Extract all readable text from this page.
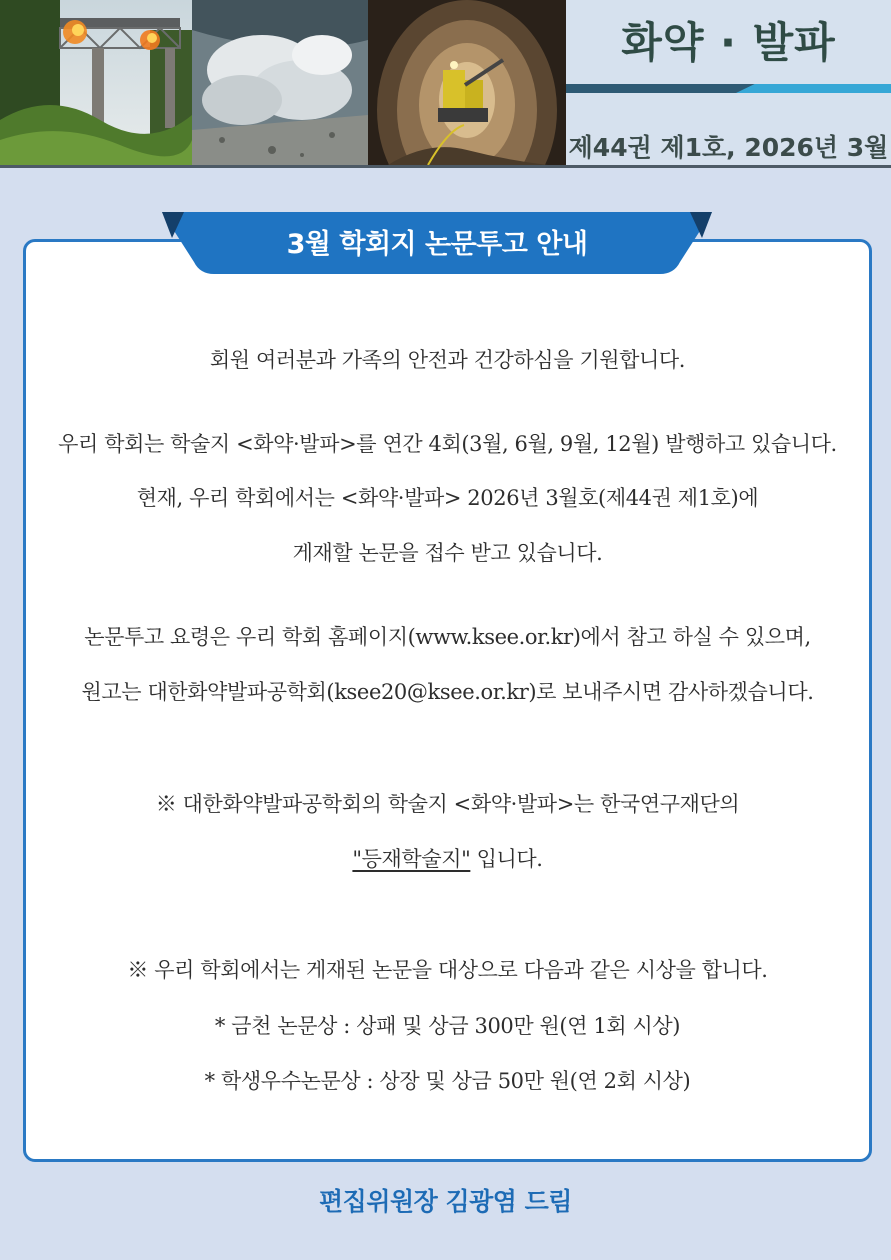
화약 · 발파
제44권 제1호, 2026년 3월
3월 학회지 논문투고 안내
회원 여러분과 가족의 안전과 건강하심을 기원합니다.
우리 학회는 학술지 <화약·발파>를 연간 4회(3월, 6월, 9월, 12월) 발행하고 있습니다.
현재, 우리 학회에서는 <화약·발파> 2026년 3월호(제44권 제1호)에
게재할 논문을 접수 받고 있습니다.
논문투고 요령은 우리 학회 홈페이지(www.ksee.or.kr)에서 참고 하실 수 있으며,
원고는 대한화약발파공학회(ksee20@ksee.or.kr)로 보내주시면 감사하겠습니다.
※ 대한화약발파공학회의 학술지 <화약·발파>는 한국연구재단의
"등재학술지" 입니다.
※ 우리 학회에서는 게재된 논문을 대상으로 다음과 같은 시상을 합니다.
* 금천 논문상 : 상패 및 상금 300만 원(연 1회 시상)
* 학생우수논문상 : 상장 및 상금 50만 원(연 2회 시상)
편집위원장 김광염 드림
